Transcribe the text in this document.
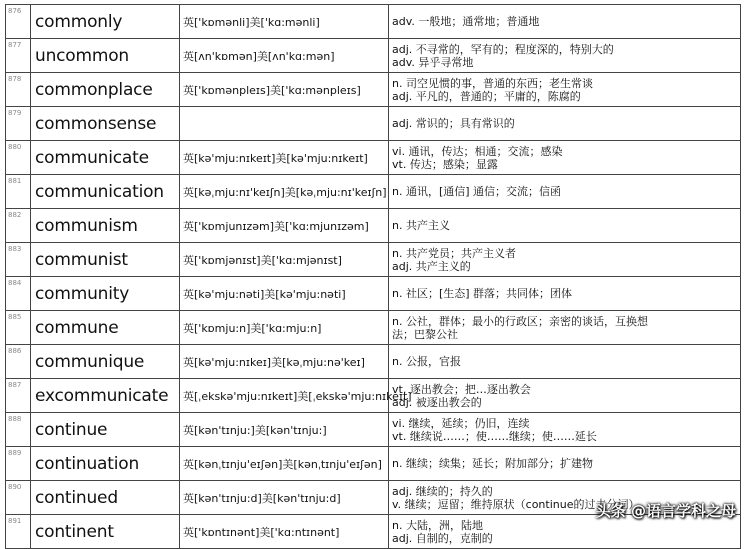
876	commonly	英['kɒmənli]美['kɑ:mənli]	adv. 一般地；通常地；普通地

877	uncommon	英[ʌn'kɒmən]美[ʌn'kɑ:mən]	adj. 不寻常的，罕有的；程度深的，特别大的
adv. 异乎寻常地

878	commonplace	英['kɒmənpleɪs]美['kɑ:mənpleɪs]	n. 司空见惯的事，普通的东西；老生常谈
adj. 平凡的，普通的；平庸的，陈腐的

879	commonsense		adj. 常识的；具有常识的

880	communicate	英[kə'mju:nɪkeɪt]美[kə'mju:nɪkeɪt]	vi. 通讯，传达；相通；交流；感染
vt. 传达；感染；显露

881	communication	英[kəˌmju:nɪ'keɪʃn]美[kəˌmju:nɪ'keɪʃn]	n. 通讯，[通信] 通信；交流；信函

882	communism	英['kɒmjunɪzəm]美['kɑ:mjunɪzəm]	n. 共产主义

883	communist	英['kɒmjənɪst]美['kɑ:mjənɪst]	n. 共产党员；共产主义者
adj. 共产主义的

884	community	英[kə'mju:nəti]美[kə'mju:nəti]	n. 社区；[生态] 群落；共同体；团体

885	commune	英['kɒmju:n]美['kɑ:mju:n]	n. 公社，群体；最小的行政区；亲密的谈话，互换想
法；巴黎公社

886	communique	英[kə'mju:nɪkeɪ]美[kəˌmju:nə'keɪ]	n. 公报，官报

887	excommunicate	英[ˌekskə'mju:nɪkeɪt]美[ˌekskə'mju:nɪkeɪt]	vt. 逐出教会；把…逐出教会
adj. 被逐出教会的

888	continue	英[kən'tɪnju:]美[kən'tɪnju:]	vi. 继续，延续；仍旧，连续
vt. 继续说……；使……继续；使……延长

889	continuation	英[kənˌtɪnju'eɪʃən]美[kənˌtɪnju'eɪʃən]	n. 继续；续集；延长；附加部分；扩建物

890	continued	英[kən'tɪnju:d]美[kən'tɪnju:d]	adj. 继续的；持久的
v. 继续；逗留；维持原状（continue的过去分词）

891	continent	英['kɒntɪnənt]美['kɑ:ntɪnənt]	n. 大陆，洲，陆地
adj. 自制的，克制的
头条 @语言学科之母
